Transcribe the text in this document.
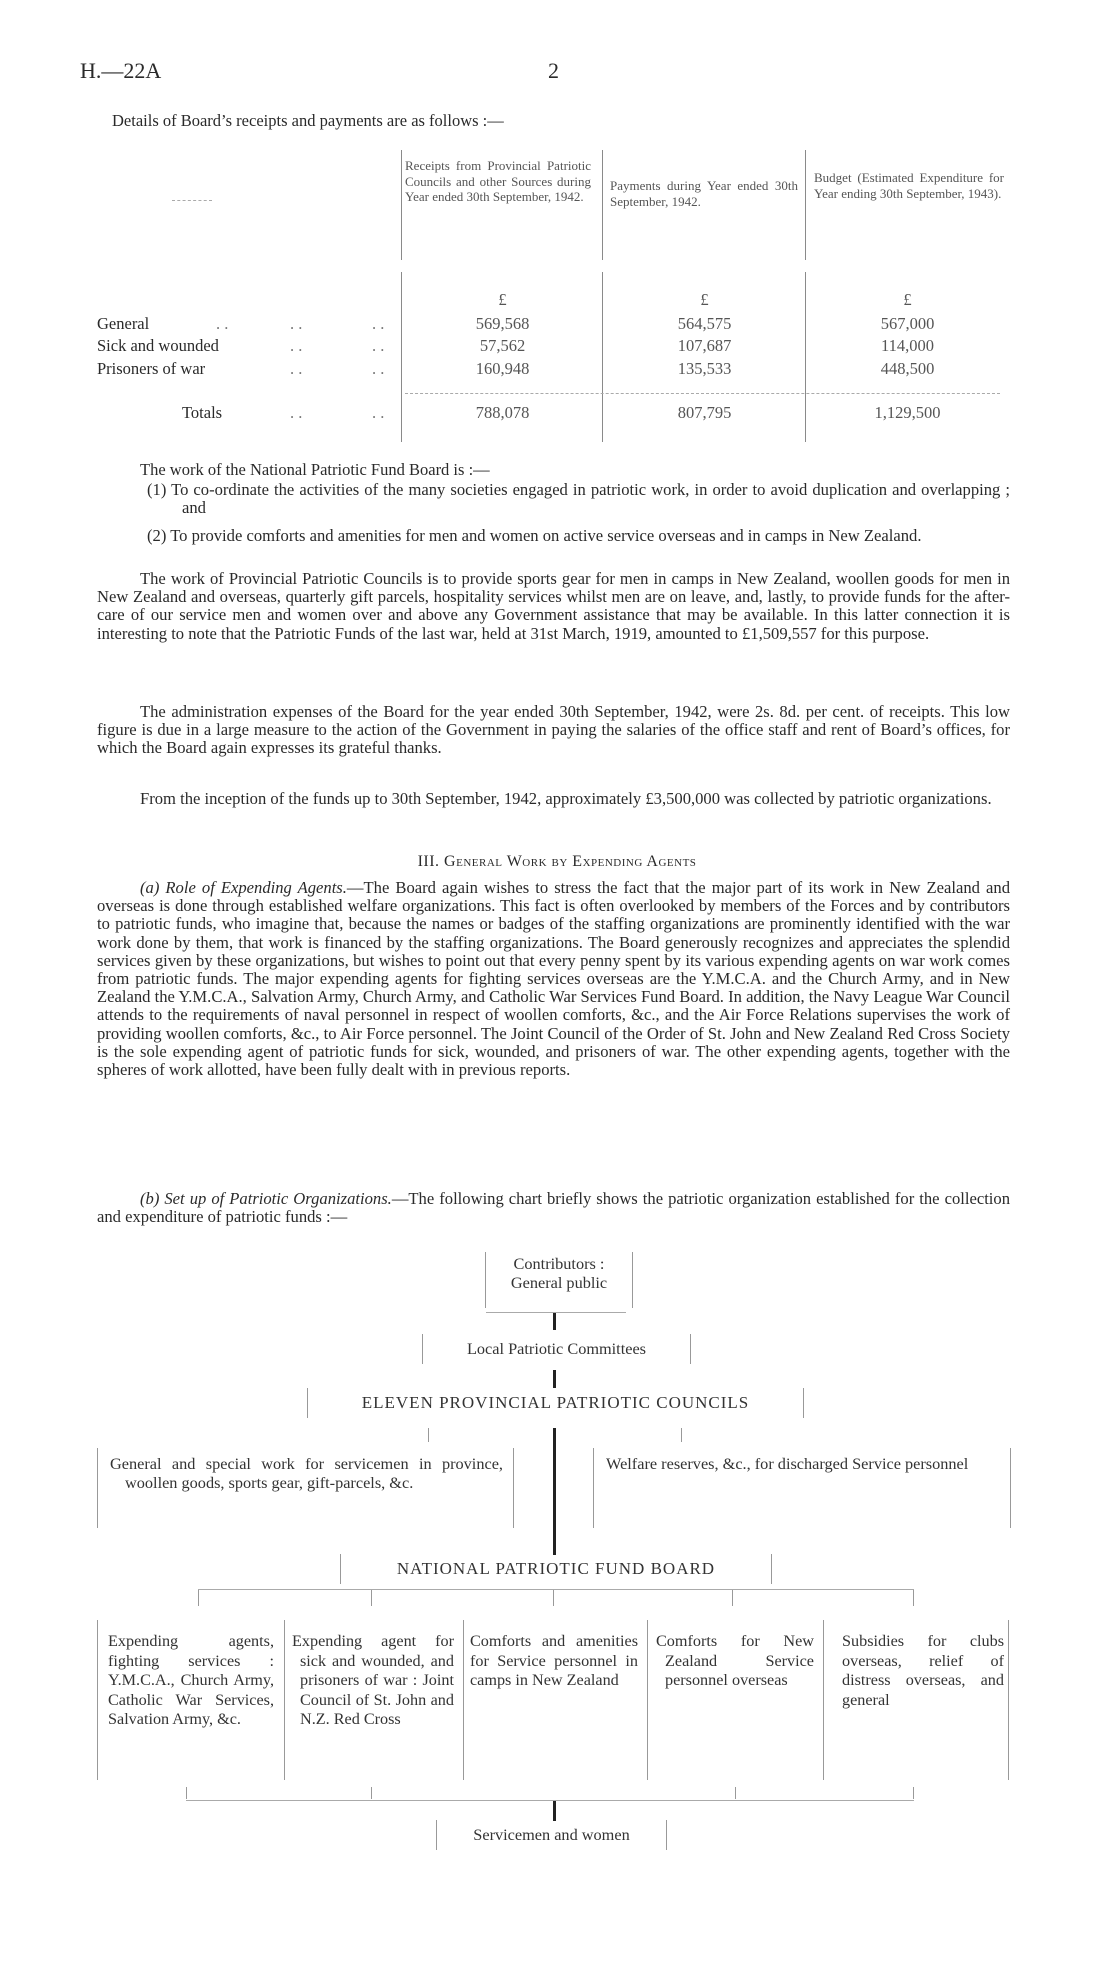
H.—22A	2
Details of Board’s receipts and payments are as follows :—
Receipts from Provincial Patriotic Councils and other Sources during Year ended 30th September, 1942.
Payments during Year ended 30th September, 1942.
Budget (Estimated Expenditure for Year ending 30th September, 1943).
£	£	£
General	. .	. .	. .	569,568	564,575	567,000
Sick and wounded	. .	. .	57,562	107,687	114,000
Prisoners of war	. .	. .	160,948	135,533	448,500
Totals	. .	. .	788,078	807,795	1,129,500
The work of the National Patriotic Fund Board is :—

(1) To co-ordinate the activities of the many societies engaged in patriotic work, in order to avoid duplication and overlapping ; and

(2) To provide comforts and amenities for men and women on active service overseas and in camps in New Zealand.

The work of Provincial Patriotic Councils is to provide sports gear for men in camps in New Zealand, woollen goods for men in New Zealand and overseas, quarterly gift parcels, hospitality services whilst men are on leave, and, lastly, to provide funds for the after-care of our service men and women over and above any Government assistance that may be available. In this latter connection it is interesting to note that the Patriotic Funds of the last war, held at 31st March, 1919, amounted to £1,509,557 for this purpose.

The administration expenses of the Board for the year ended 30th September, 1942, were 2s. 8d. per cent. of receipts. This low figure is due in a large measure to the action of the Government in paying the salaries of the office staff and rent of Board’s offices, for which the Board again expresses its grateful thanks.

From the inception of the funds up to 30th September, 1942, approximately £3,500,000 was collected by patriotic organizations.

III. General Work by Expending Agents

(a) Role of Expending Agents.—The Board again wishes to stress the fact that the major part of its work in New Zealand and overseas is done through established welfare organizations. This fact is often overlooked by members of the Forces and by contributors to patriotic funds, who imagine that, because the names or badges of the staffing organizations are prominently identified with the war work done by them, that work is financed by the staffing organizations. The Board generously recognizes and appreciates the splendid services given by these organizations, but wishes to point out that every penny spent by its various expending agents on war work comes from patriotic funds. The major expending agents for fighting services overseas are the Y.M.C.A. and the Church Army, and in New Zealand the Y.M.C.A., Salvation Army, Church Army, and Catholic War Services Fund Board. In addition, the Navy League War Council attends to the requirements of naval personnel in respect of woollen comforts, &c., and the Air Force Relations supervises the work of providing woollen comforts, &c., to Air Force personnel. The Joint Council of the Order of St. John and New Zealand Red Cross Society is the sole expending agent of patriotic funds for sick, wounded, and prisoners of war. The other expending agents, together with the spheres of work allotted, have been fully dealt with in previous reports.

(b) Set up of Patriotic Organizations.—The following chart briefly shows the patriotic organization established for the collection and expenditure of patriotic funds :—

Contributors :
General public
Local Patriotic Committees
ELEVEN PROVINCIAL PATRIOTIC COUNCILS
General and special work for servicemen in province, woollen goods, sports gear, gift-parcels, &c.
Welfare reserves, &c., for discharged Service personnel
NATIONAL PATRIOTIC FUND BOARD
Expending agents, fighting services : Y.M.C.A., Church Army, Catholic War Services, Salvation Army, &c.
Expending agent for sick and wounded, and prisoners of war : Joint Council of St. John and N.Z. Red Cross
Comforts and amenities for Service personnel in camps in New Zealand
Comforts for New Zealand Service personnel overseas
Subsidies for clubs overseas, relief of distress overseas, and general
Servicemen and women
